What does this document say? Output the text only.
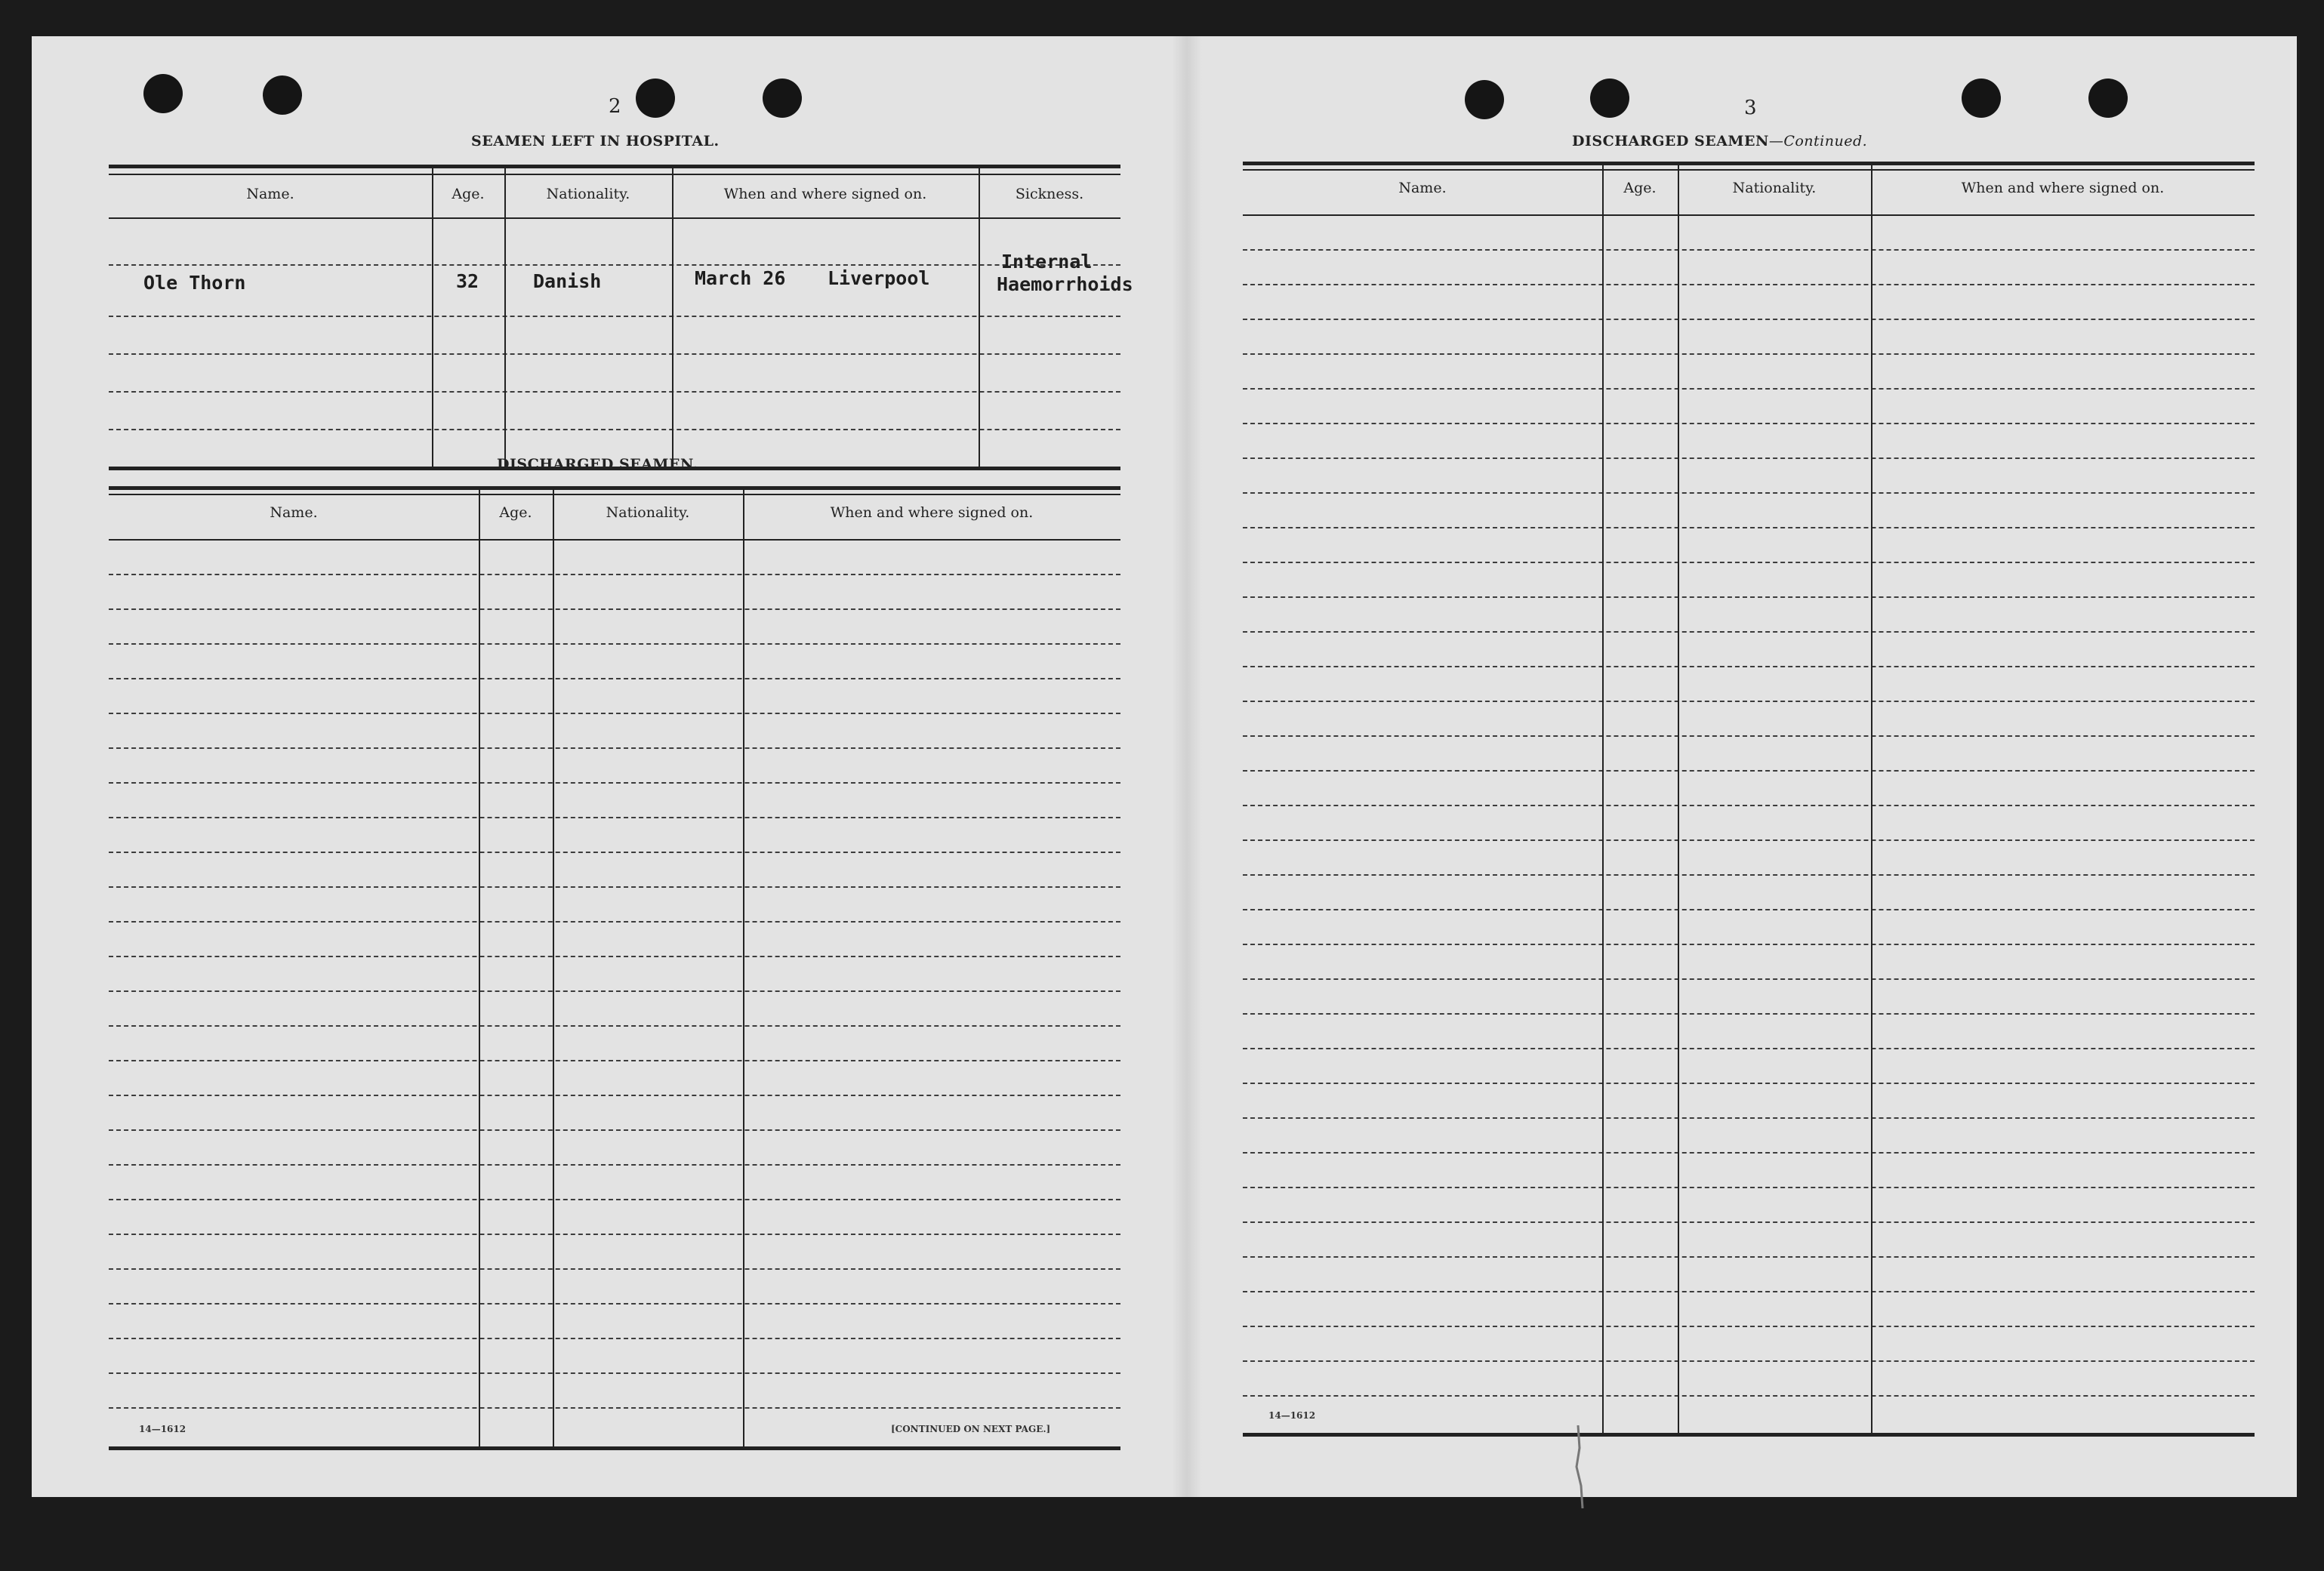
2
SEAMEN LEFT IN HOSPITAL.
Name.	Age.	Nationality.	When and where signed on.	Sickness.
Ole Thorn	32	Danish	March 26 Liverpool
Internal
Haemorrhoids
DISCHARGED SEAMEN.
Name.	Age.	Nationality.	When and where signed on.
14—1612	[CONTINUED ON NEXT PAGE.]
3
DISCHARGED SEAMEN—Continued.
Name.	Age.	Nationality.	When and where signed on.
14—1612
